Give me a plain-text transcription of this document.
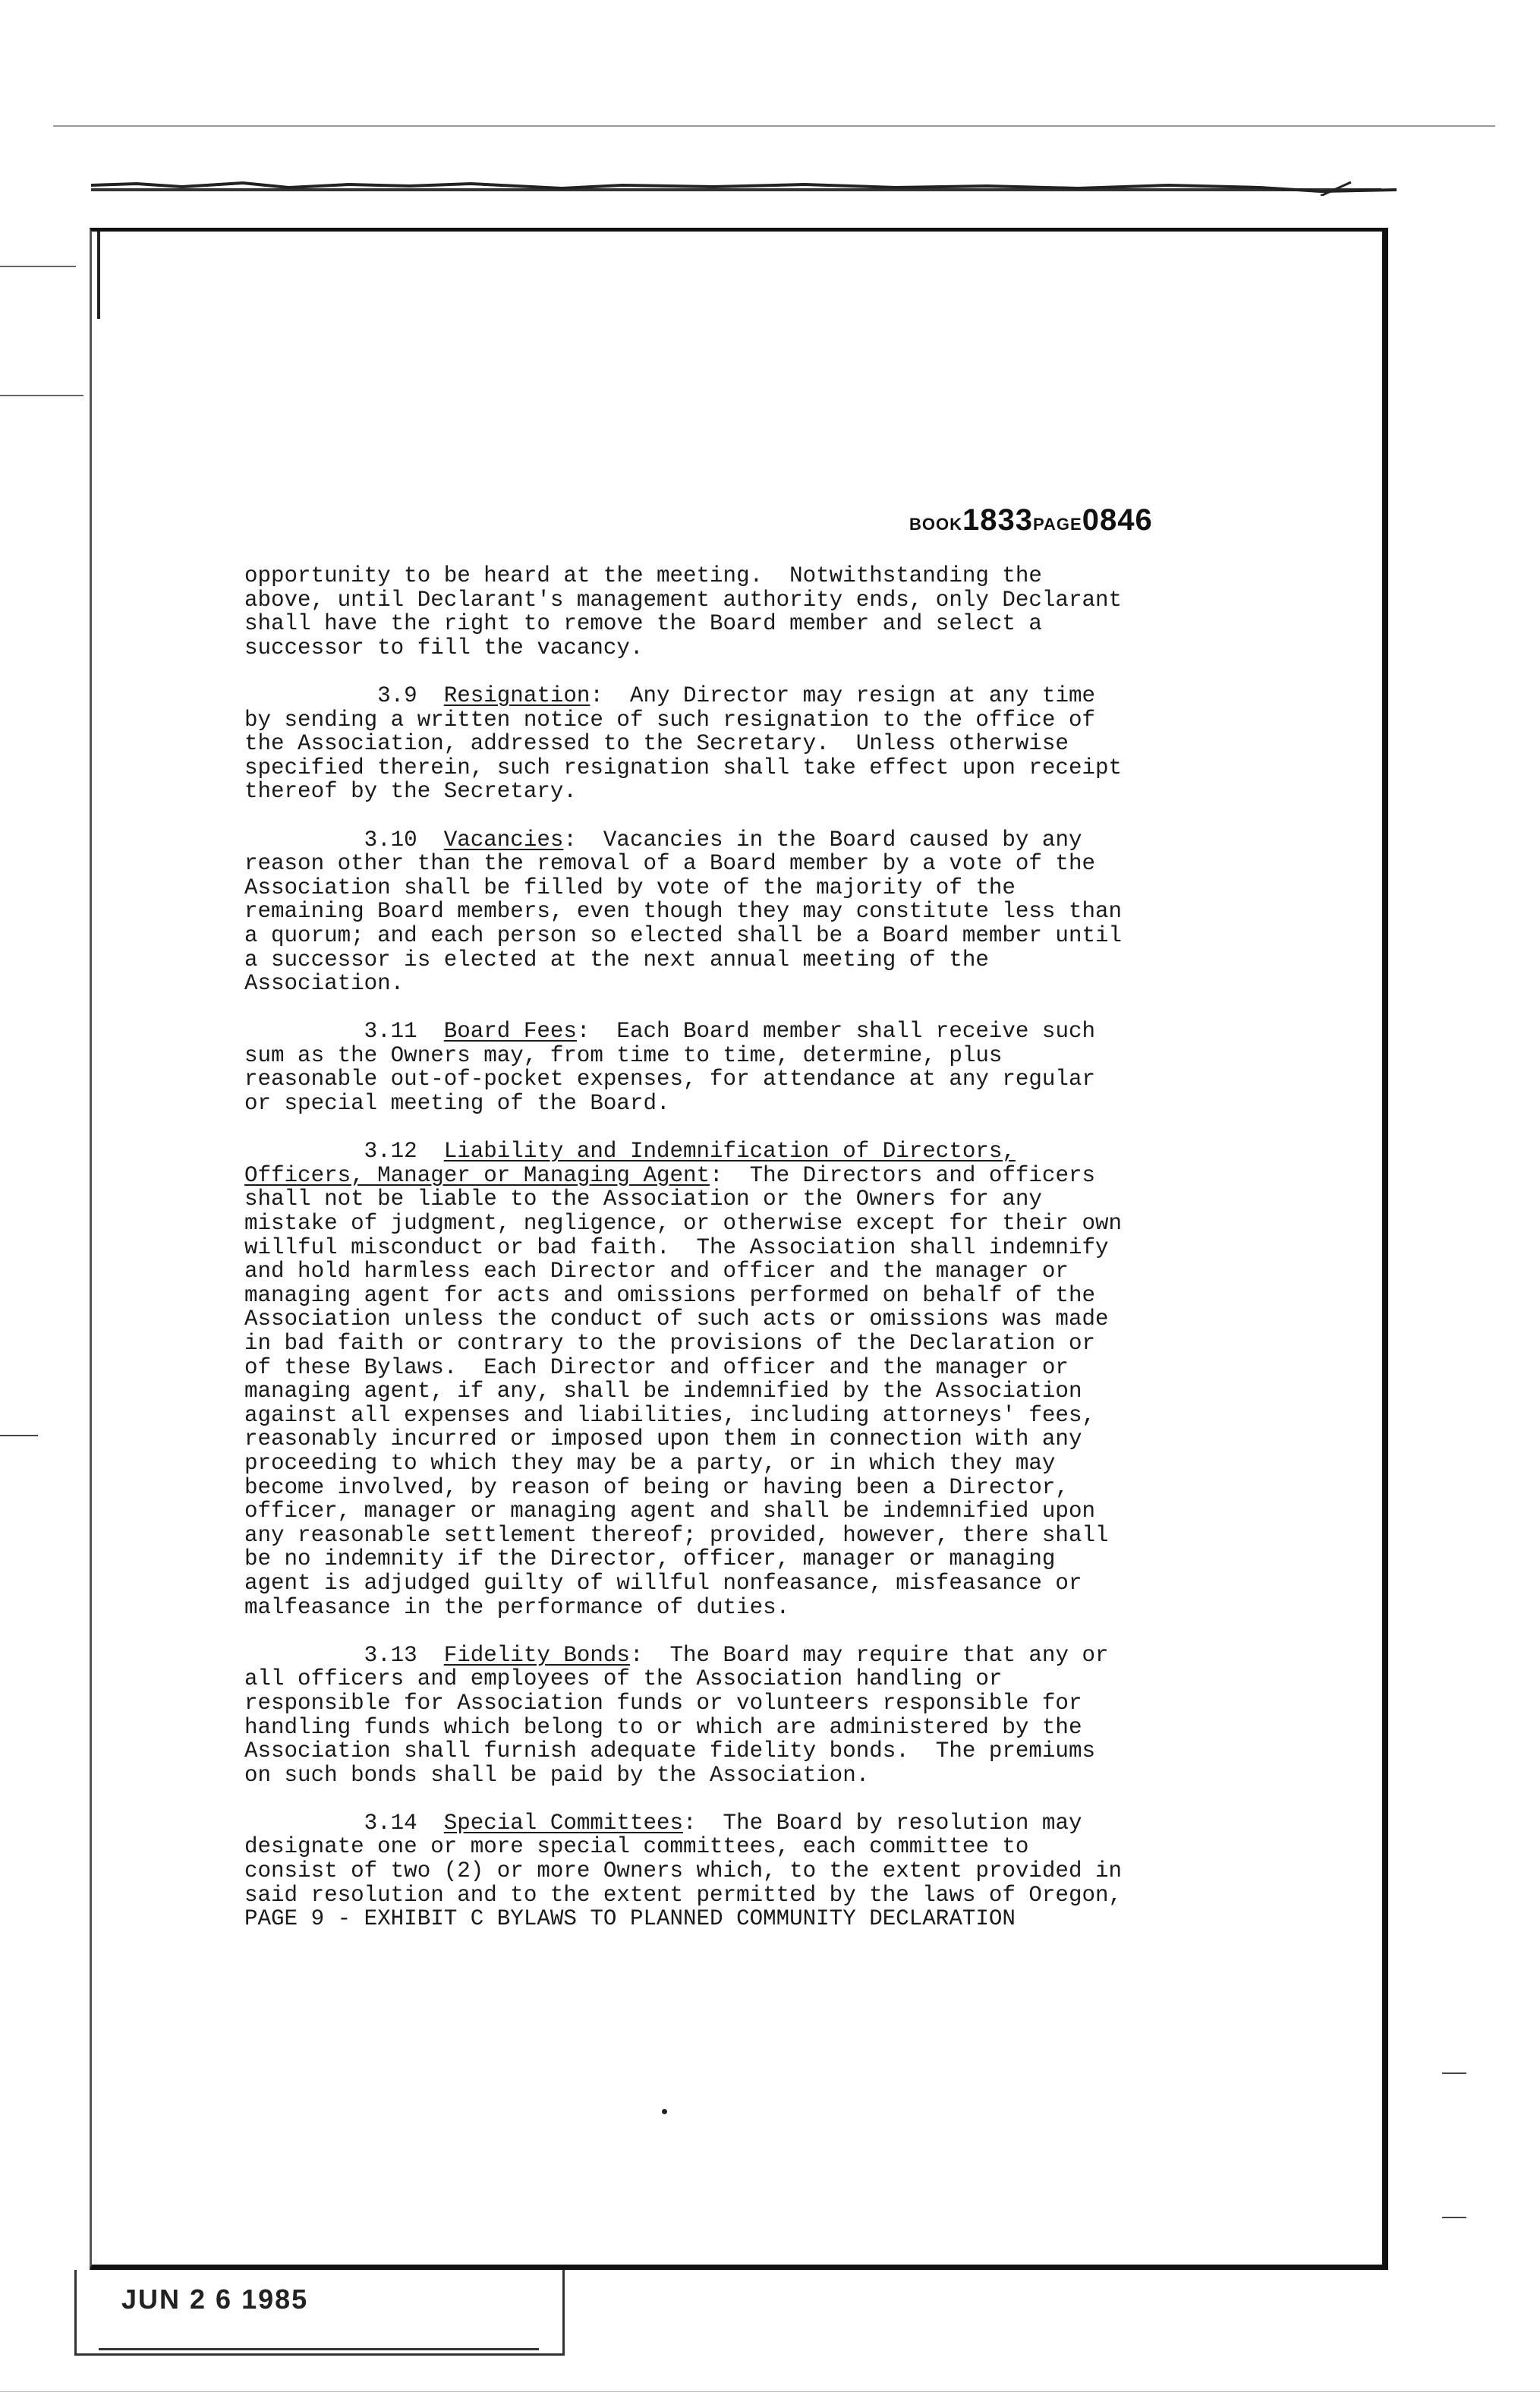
BOOK1833PAGE0846

opportunity to be heard at the meeting.  Notwithstanding the
above, until Declarant's management authority ends, only Declarant
shall have the right to remove the Board member and select a
successor to fill the vacancy.

3.9 Resignation:  Any Director may resign at any time
by sending a written notice of such resignation to the office of
the Association, addressed to the Secretary.  Unless otherwise
specified therein, such resignation shall take effect upon receipt
thereof by the Secretary.

3.10 Vacancies:  Vacancies in the Board caused by any
reason other than the removal of a Board member by a vote of the
Association shall be filled by vote of the majority of the
remaining Board members, even though they may constitute less than
a quorum; and each person so elected shall be a Board member until
a successor is elected at the next annual meeting of the
Association.

3.11 Board Fees:  Each Board member shall receive such
sum as the Owners may, from time to time, determine, plus
reasonable out-of-pocket expenses, for attendance at any regular
or special meeting of the Board.

3.12 Liability and Indemnification of Directors,
Officers, Manager or Managing Agent:  The Directors and officers
shall not be liable to the Association or the Owners for any
mistake of judgment, negligence, or otherwise except for their own
willful misconduct or bad faith.  The Association shall indemnify
and hold harmless each Director and officer and the manager or
managing agent for acts and omissions performed on behalf of the
Association unless the conduct of such acts or omissions was made
in bad faith or contrary to the provisions of the Declaration or
of these Bylaws.  Each Director and officer and the manager or
managing agent, if any, shall be indemnified by the Association
against all expenses and liabilities, including attorneys' fees,
reasonably incurred or imposed upon them in connection with any
proceeding to which they may be a party, or in which they may
become involved, by reason of being or having been a Director,
officer, manager or managing agent and shall be indemnified upon
any reasonable settlement thereof; provided, however, there shall
be no indemnity if the Director, officer, manager or managing
agent is adjudged guilty of willful nonfeasance, misfeasance or
malfeasance in the performance of duties.

3.13 Fidelity Bonds:  The Board may require that any or
all officers and employees of the Association handling or
responsible for Association funds or volunteers responsible for
handling funds which belong to or which are administered by the
Association shall furnish adequate fidelity bonds.  The premiums
on such bonds shall be paid by the Association.

3.14 Special Committees:  The Board by resolution may
designate one or more special committees, each committee to
consist of two (2) or more Owners which, to the extent provided in
said resolution and to the extent permitted by the laws of Oregon,

PAGE 9 - EXHIBIT C BYLAWS TO PLANNED COMMUNITY DECLARATION

JUN 2 6 1985
